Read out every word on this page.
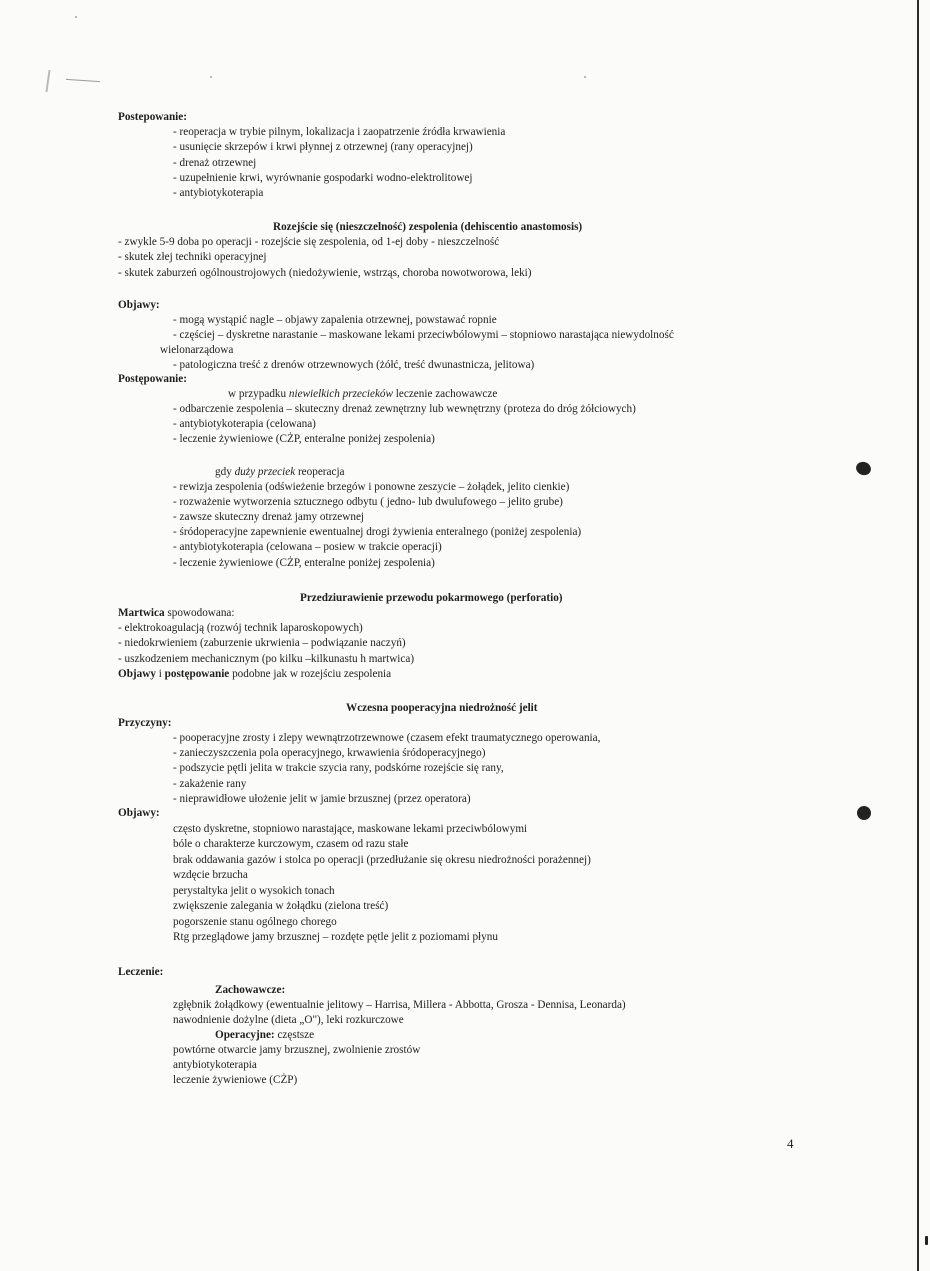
Postepowanie:
- reoperacja w trybie pilnym, lokalizacja i zaopatrzenie źródła krwawienia
- usunięcie skrzepów i krwi płynnej z otrzewnej (rany operacyjnej)
- drenaż otrzewnej
- uzupełnienie krwi, wyrównanie gospodarki wodno-elektrolitowej
- antybiotykoterapia
Rozejście się (nieszczelność) zespolenia (dehiscentio anastomosis)
- zwykle 5-9 doba po operacji - rozejście się zespolenia, od 1-ej doby - nieszczelność
- skutek złej techniki operacyjnej
- skutek zaburzeń ogólnoustrojowych (niedożywienie, wstrząs, choroba nowotworowa, leki)
Objawy:
- mogą wystąpić nagle – objawy zapalenia otrzewnej, powstawać ropnie
- częściej – dyskretne narastanie – maskowane lekami przeciwbólowymi – stopniowo narastająca niewydolność
wielonarządowa
- patologiczna treść z drenów otrzewnowych (żółć, treść dwunastnicza, jelitowa)
Postępowanie:
w przypadku niewielkich przecieków leczenie zachowawcze
- odbarczenie zespolenia – skuteczny drenaż zewnętrzny lub wewnętrzny (proteza do dróg żółciowych)
- antybiotykoterapia (celowana)
- leczenie żywieniowe (CŻP, enteralne poniżej zespolenia)
gdy duży przeciek reoperacja
- rewizja zespolenia (odświeżenie brzegów i ponowne zeszycie – żołądek, jelito cienkie)
- rozważenie wytworzenia sztucznego odbytu ( jedno- lub dwulufowego – jelito grube)
- zawsze skuteczny drenaż jamy otrzewnej
- śródoperacyjne zapewnienie ewentualnej drogi żywienia enteralnego (poniżej zespolenia)
- antybiotykoterapia (celowana – posiew w trakcie operacji)
- leczenie żywieniowe (CŻP, enteralne poniżej zespolenia)
Przedziurawienie przewodu pokarmowego (perforatio)
Martwica spowodowana:
- elektrokoagulacją (rozwój technik laparoskopowych)
- niedokrwieniem (zaburzenie ukrwienia – podwiązanie naczyń)
- uszkodzeniem mechanicznym (po kilku –kilkunastu h martwica)
Objawy i postępowanie podobne jak w rozejściu zespolenia
Wczesna pooperacyjna niedrożność jelit
Przyczyny:
- pooperacyjne zrosty i zlepy wewnątrzotrzewnowe (czasem efekt traumatycznego operowania,
- zanieczyszczenia pola operacyjnego, krwawienia śródoperacyjnego)
- podszycie pętli jelita w trakcie szycia rany, podskórne rozejście się rany,
- zakażenie rany
- nieprawidłowe ułożenie jelit w jamie brzusznej (przez operatora)
Objawy:
często dyskretne, stopniowo narastające, maskowane lekami przeciwbólowymi
bóle o charakterze kurczowym, czasem od razu stałe
brak oddawania gazów i stolca po operacji (przedłużanie się okresu niedrożności porażennej)
wzdęcie brzucha
perystaltyka jelit o wysokich tonach
zwiększenie zalegania w żołądku (zielona treść)
pogorszenie stanu ogólnego chorego
Rtg przeglądowe jamy brzusznej – rozdęte pętle jelit z poziomami płynu
Leczenie:
Zachowawcze:
zgłębnik żołądkowy (ewentualnie jelitowy – Harrisa, Millera - Abbotta, Grosza - Dennisa, Leonarda)
nawodnienie dożylne (dieta „O"), leki rozkurczowe
Operacyjne: częstsze
powtórne otwarcie jamy brzusznej, zwolnienie zrostów
antybiotykoterapia
leczenie żywieniowe (CŻP)
4
